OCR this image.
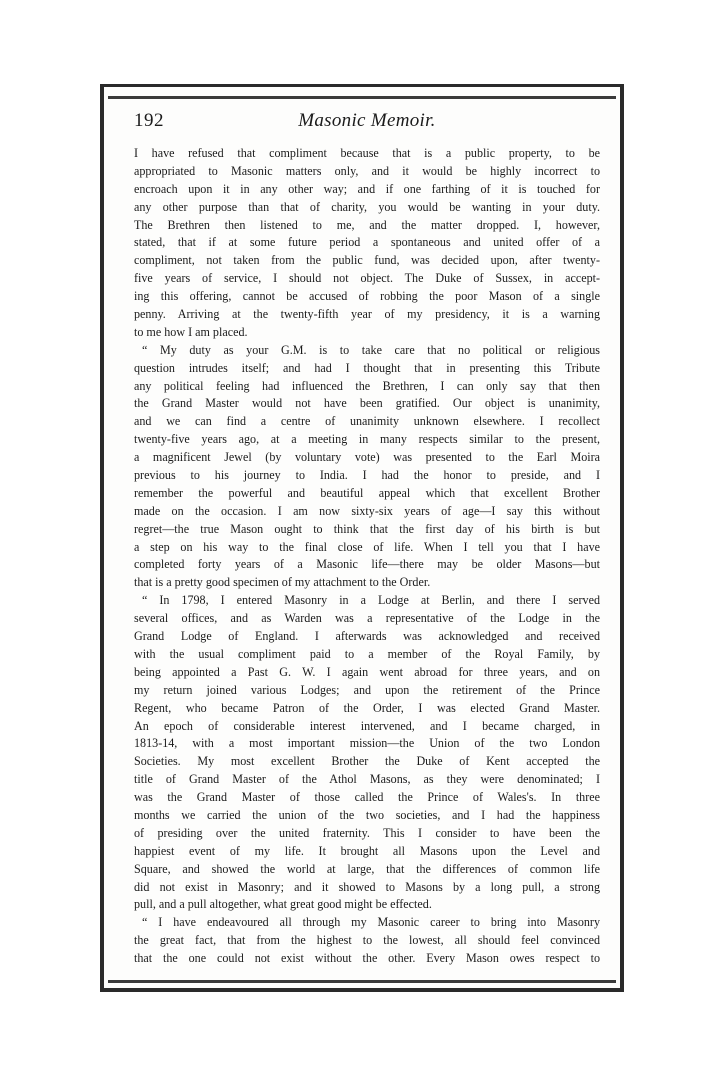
192	Masonic Memoir.
I have refused that compliment because that is a public property, to be
appropriated to Masonic matters only, and it would be highly incorrect to
encroach upon it in any other way; and if one farthing of it is touched for
any other purpose than that of charity, you would be wanting in your duty.
The Brethren then listened to me, and the matter dropped. I, however,
stated, that if at some future period a spontaneous and united offer of a
compliment, not taken from the public fund, was decided upon, after twenty-
five years of service, I should not object. The Duke of Sussex, in accept-
ing this offering, cannot be accused of robbing the poor Mason of a single
penny. Arriving at the twenty-fifth year of my presidency, it is a warning
to me how I am placed.
“ My duty as your G.M. is to take care that no political or religious
question intrudes itself; and had I thought that in presenting this Tribute
any political feeling had influenced the Brethren, I can only say that then
the Grand Master would not have been gratified. Our object is unanimity,
and we can find a centre of unanimity unknown elsewhere. I recollect
twenty-five years ago, at a meeting in many respects similar to the present,
a magnificent Jewel (by voluntary vote) was presented to the Earl Moira
previous to his journey to India. I had the honor to preside, and I
remember the powerful and beautiful appeal which that excellent Brother
made on the occasion. I am now sixty-six years of age—I say this without
regret—the true Mason ought to think that the first day of his birth is but
a step on his way to the final close of life. When I tell you that I have
completed forty years of a Masonic life—there may be older Masons—but
that is a pretty good specimen of my attachment to the Order.
“ In 1798, I entered Masonry in a Lodge at Berlin, and there I served
several offices, and as Warden was a representative of the Lodge in the
Grand Lodge of England. I afterwards was acknowledged and received
with the usual compliment paid to a member of the Royal Family, by
being appointed a Past G. W. I again went abroad for three years, and on
my return joined various Lodges; and upon the retirement of the Prince
Regent, who became Patron of the Order, I was elected Grand Master.
An epoch of considerable interest intervened, and I became charged, in
1813-14, with a most important mission—the Union of the two London
Societies. My most excellent Brother the Duke of Kent accepted the
title of Grand Master of the Athol Masons, as they were denominated; I
was the Grand Master of those called the Prince of Wales's. In three
months we carried the union of the two societies, and I had the happiness
of presiding over the united fraternity. This I consider to have been the
happiest event of my life. It brought all Masons upon the Level and
Square, and showed the world at large, that the differences of common life
did not exist in Masonry; and it showed to Masons by a long pull, a strong
pull, and a pull altogether, what great good might be effected.
“ I have endeavoured all through my Masonic career to bring into Masonry
the great fact, that from the highest to the lowest, all should feel convinced
that the one could not exist without the other. Every Mason owes respect to
